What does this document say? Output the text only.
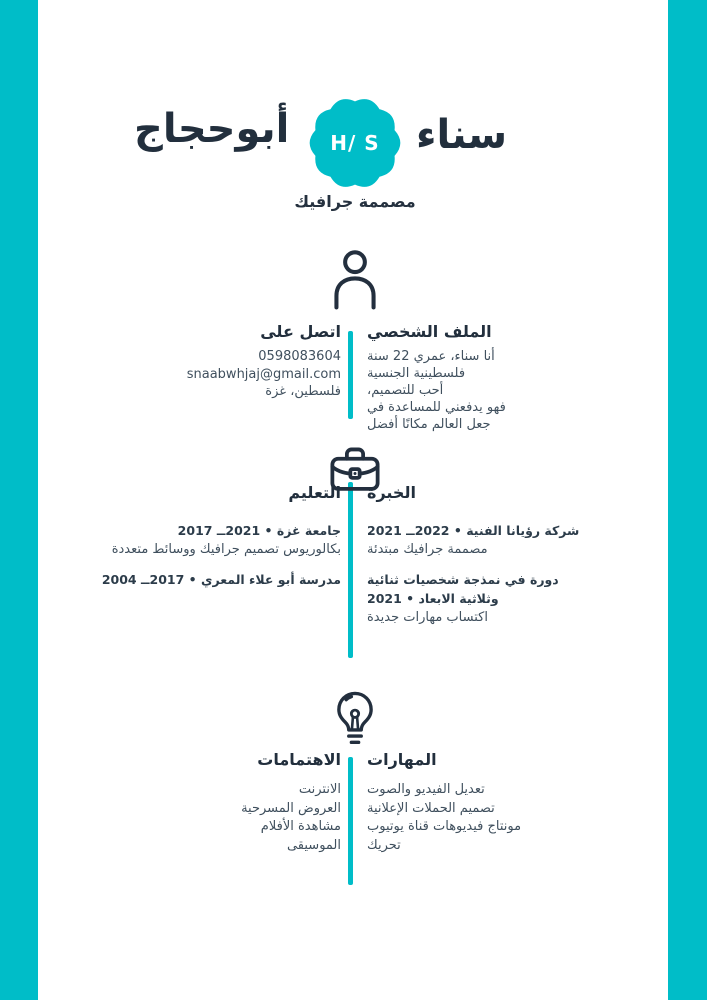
سناء
H/ S
أبوحجاج
مصممة جرافيك
الملف الشخصي
أنا سناء، عمري 22 سنة
فلسطينية الجنسية
أحب للتصميم،
فهو يدفعني للمساعدة في
جعل العالم مكانًا أفضل
اتصل على
0598083604
snaabwhjaj@gmail.com
فلسطين، غزة
الخبرة
شركة رؤيانا الفنية • 2022ــ 2021
مصممة جرافيك مبتدئة
دورة في نمذجة شخصيات ثنائية وثلاثية الابعاد • 2021
اكتساب مهارات جديدة
التعليم
جامعة غزة • 2021ــ 2017
بكالوريوس تصميم جرافيك ووسائط متعددة
مدرسة أبو علاء المعري • 2017ــ 2004
المهارات
تعديل الفيديو والصوت
تصميم الحملات الإعلانية
مونتاج فيديوهات قناة يوتيوب
تحريك
الاهتمامات
الانترنت
العروض المسرحية
مشاهدة الأفلام
الموسيقى
